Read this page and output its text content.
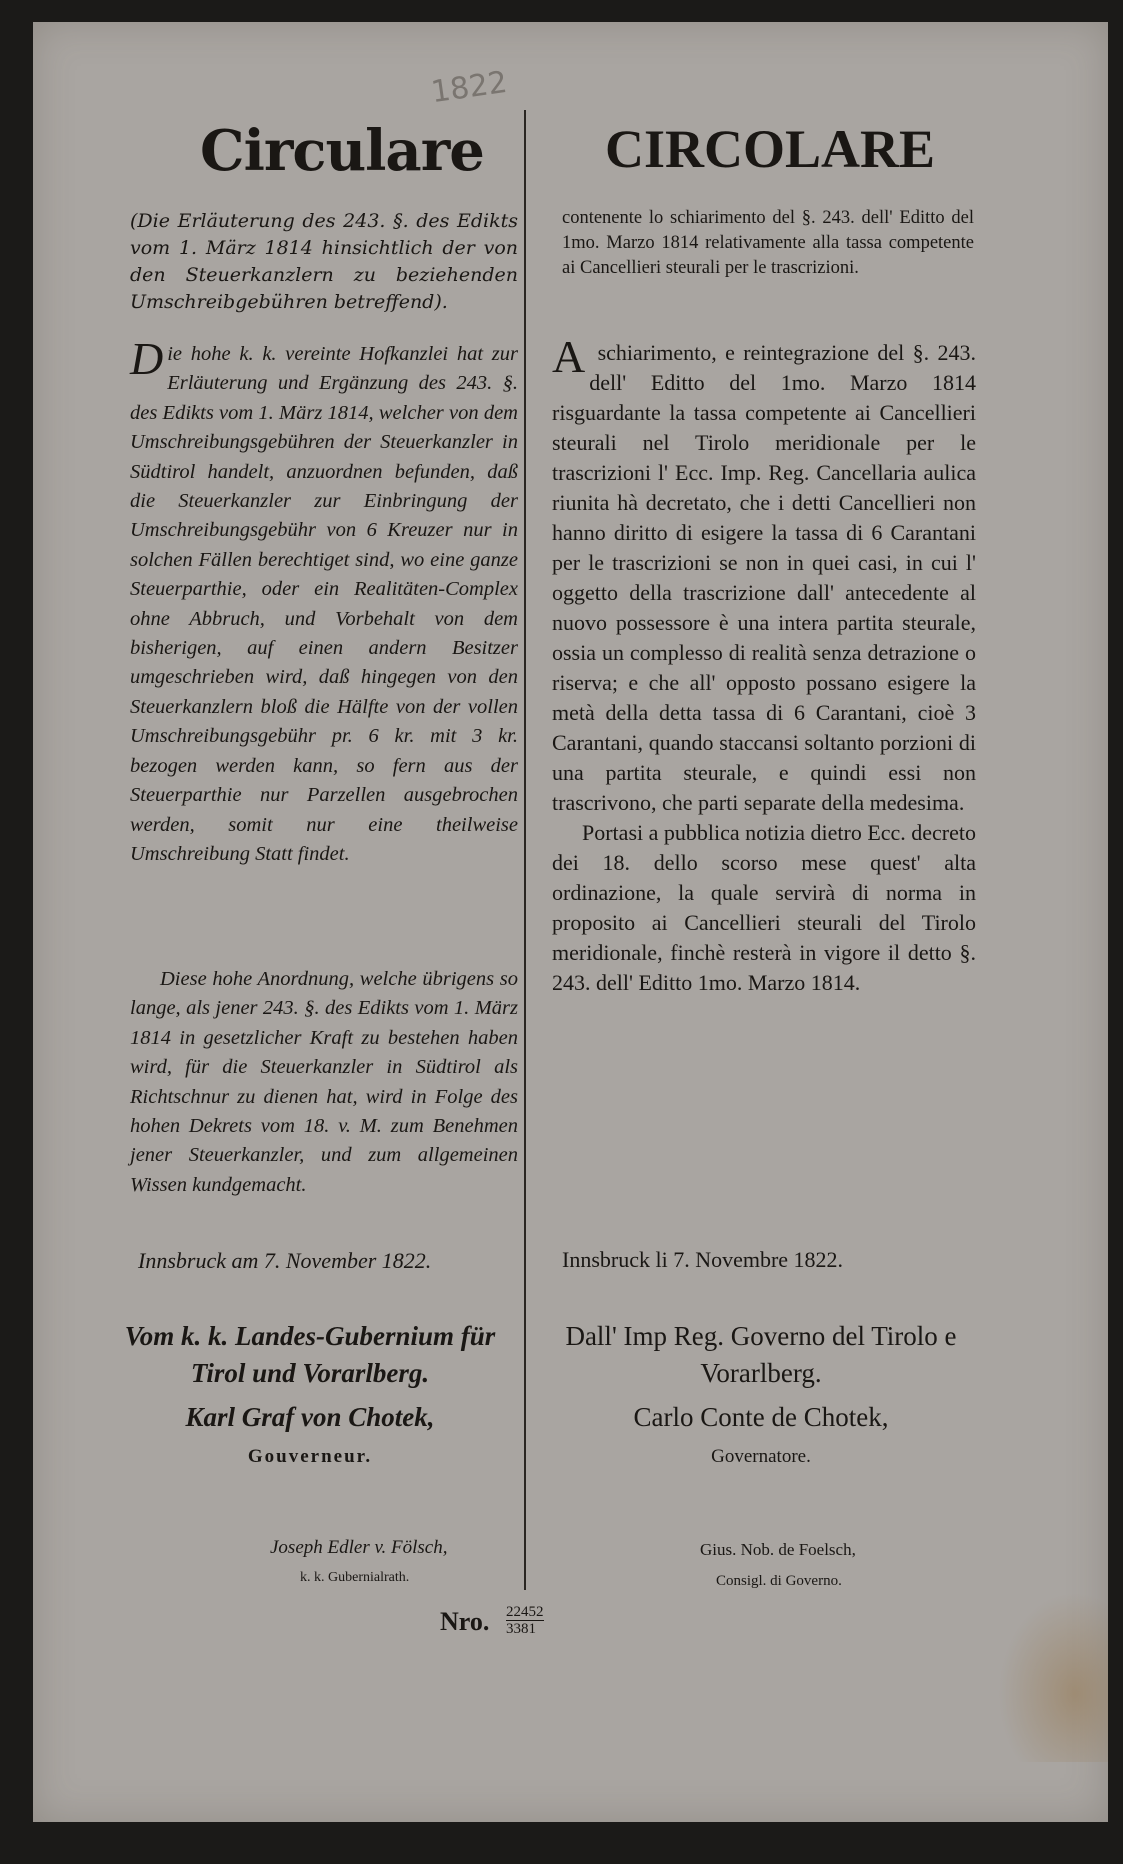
1822
Circulare CIRCOLARE
(Die Erläuterung des 243. §. des Edikts vom 1. März 1814 hinsichtlich der von den Steuerkanzlern zu beziehenden Umschreibgebühren betreffend).
contenente lo schiarimento del §. 243. dell' Editto del 1mo. Marzo 1814 relativamente alla tassa competente ai Cancellieri steurali per le trascrizioni.
Die hohe k. k. vereinte Hofkanzlei hat zur Erläuterung und Ergänzung des 243. §. des Edikts vom 1. März 1814, welcher von dem Umschreibungsgebühren der Steuerkanzler in Südtirol handelt, anzuordnen befunden, daß die Steuerkanzler zur Einbringung der Umschreibungsgebühr von 6 Kreuzer nur in solchen Fällen berechtiget sind, wo eine ganze Steuerparthie, oder ein Realitäten-Complex ohne Abbruch, und Vorbehalt von dem bisherigen, auf einen andern Besitzer umgeschrieben wird, daß hingegen von den Steuerkanzlern bloß die Hälfte von der vollen Umschreibungsgebühr pr. 6 kr. mit 3 kr. bezogen werden kann, so fern aus der Steuerparthie nur Parzellen ausgebrochen werden, somit nur eine theilweise Umschreibung Statt findet.
A schiarimento, e reintegrazione del §. 243. dell' Editto del 1mo. Marzo 1814 risguardante la tassa competente ai Cancellieri steurali nel Tirolo meridionale per le trascrizioni l' Ecc. Imp. Reg. Cancellaria aulica riunita hà decretato, che i detti Cancellieri non hanno diritto di esigere la tassa di 6 Carantani per le trascrizioni se non in quei casi, in cui l' oggetto della trascrizione dall' antecedente al nuovo possessore è una intera partita steurale, ossia un complesso di realità senza detrazione o riserva; e che all' opposto possano esigere la metà della detta tassa di 6 Carantani, cioè 3 Carantani, quando staccansi soltanto porzioni di una partita steurale, e quindi essi non trascrivono, che parti separate della medesima.

Portasi a pubblica notizia dietro Ecc. decreto dei 18. dello scorso mese quest' alta ordinazione, la quale servirà di norma in proposito ai Cancellieri steurali del Tirolo meridionale, finchè resterà in vigore il detto §. 243. dell' Editto 1mo. Marzo 1814.
Diese hohe Anordnung, welche übrigens so lange, als jener 243. §. des Edikts vom 1. März 1814 in gesetzlicher Kraft zu bestehen haben wird, für die Steuerkanzler in Südtirol als Richtschnur zu dienen hat, wird in Folge des hohen Dekrets vom 18. v. M. zum Benehmen jener Steuerkanzler, und zum allgemeinen Wissen kundgemacht.
Innsbruck am 7. November 1822.	Innsbruck li 7. Novembre 1822.
Vom k. k. Landes-Gubernium für Tirol und Vorarlberg.
Dall' Imp Reg. Governo del Tirolo e Vorarlberg.
Karl Graf von Chotek,	Carlo Conte de Chotek,
Gouverneur.	Governatore.
Joseph Edler v. Fölsch,
k. k. Gubernialrath.
Gius. Nob. de Foelsch,
Consigl. di Governo.
Nro. 22452
3381
